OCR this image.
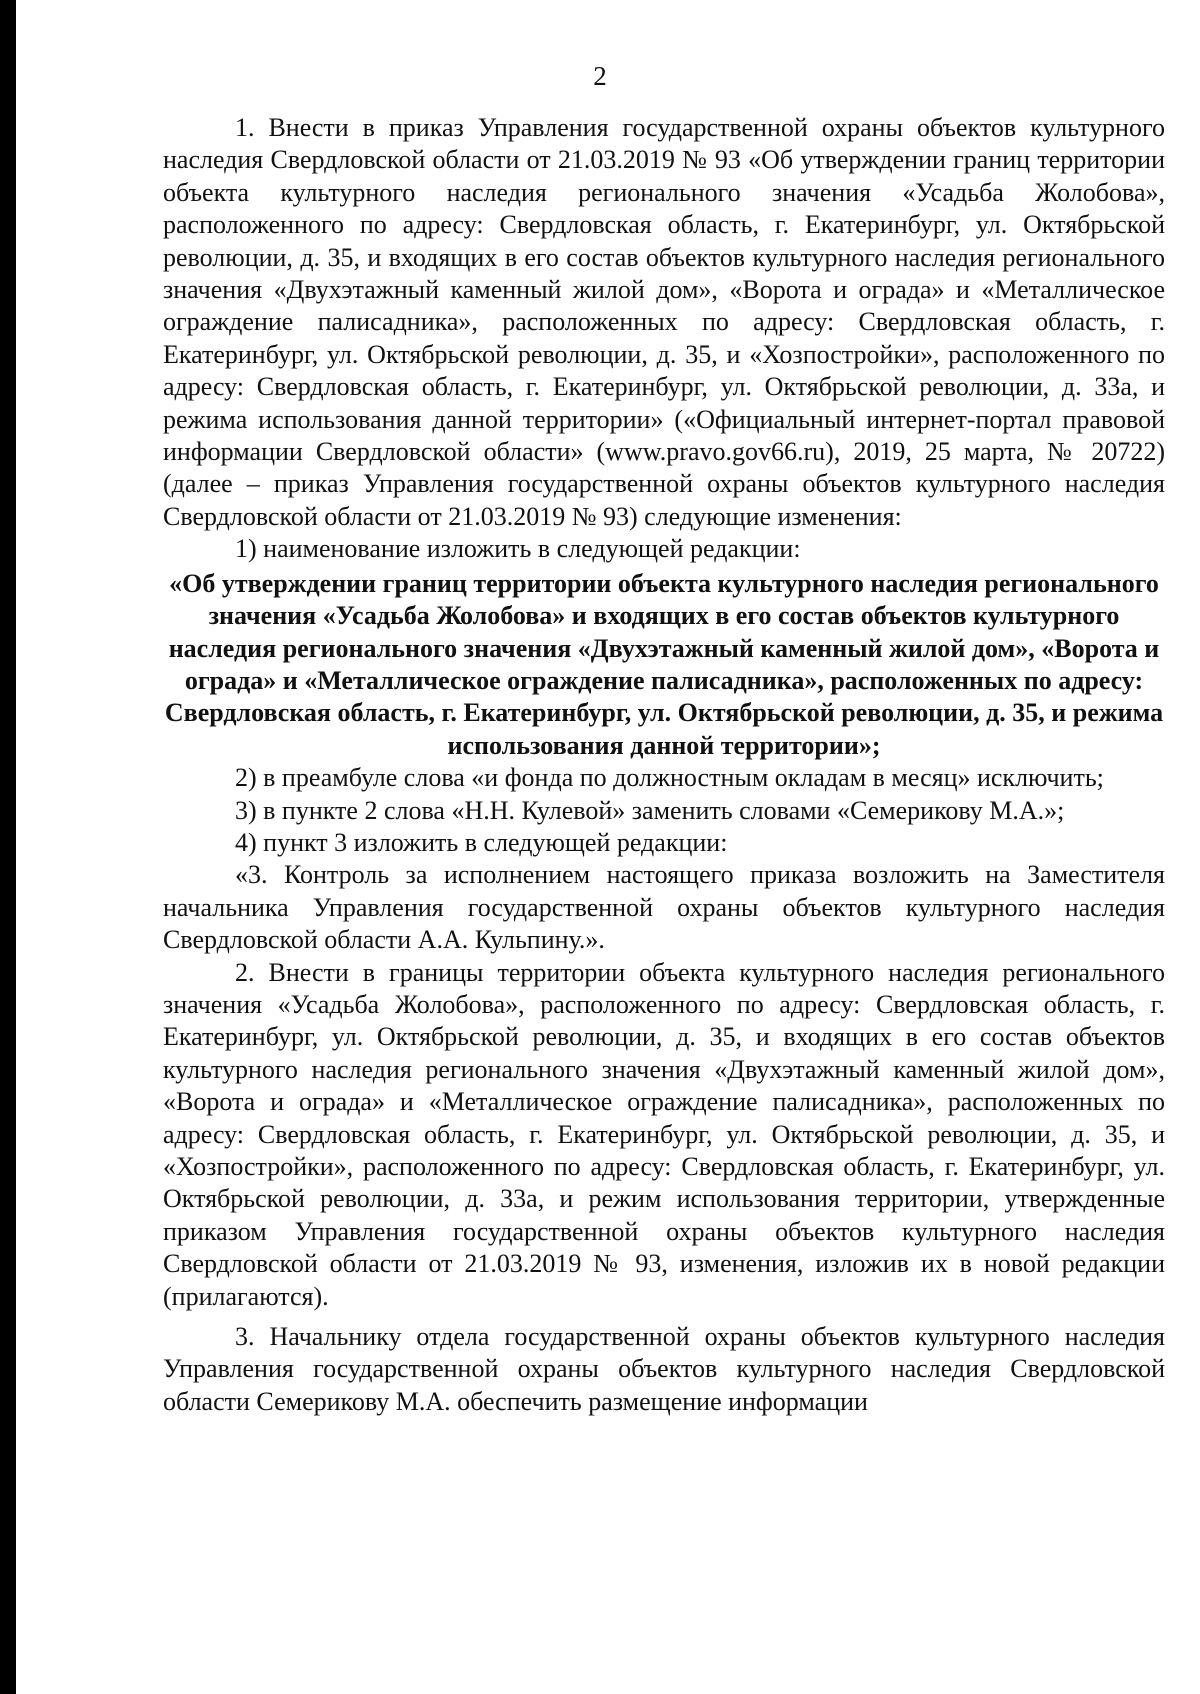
2

1. Внести в приказ Управления государственной охраны объектов культурного наследия Свердловской области от 21.03.2019 № 93 «Об утверждении границ территории объекта культурного наследия регионального значения «Усадьба Жолобова», расположенного по адресу: Свердловская область, г. Екатеринбург, ул. Октябрьской революции, д. 35, и входящих в его состав объектов культурного наследия регионального значения «Двухэтажный каменный жилой дом», «Ворота и ограда» и «Металлическое ограждение палисадника», расположенных по адресу: Свердловская область, г. Екатеринбург, ул. Октябрьской революции, д. 35, и «Хозпостройки», расположенного по адресу: Свердловская область, г. Екатеринбург, ул. Октябрьской революции, д. 33а, и режима использования данной территории» («Официальный интернет-портал правовой информации Свердловской области» (www.pravo.gov66.ru), 2019, 25 марта, № 20722) (далее – приказ Управления государственной охраны объектов культурного наследия Свердловской области от 21.03.2019 № 93) следующие изменения:

1) наименование изложить в следующей редакции:

«Об утверждении границ территории объекта культурного наследия регионального значения «Усадьба Жолобова» и входящих в его состав объектов культурного наследия регионального значения «Двухэтажный каменный жилой дом», «Ворота и ограда» и «Металлическое ограждение палисадника», расположенных по адресу: Свердловская область, г. Екатеринбург, ул. Октябрьской революции, д. 35, и режима использования данной территории»;

2) в преамбуле слова «и фонда по должностным окладам в месяц» исключить;

3) в пункте 2 слова «Н.Н. Кулевой» заменить словами «Семерикову М.А.»;

4) пункт 3 изложить в следующей редакции:

«3. Контроль за исполнением настоящего приказа возложить на Заместителя начальника Управления государственной охраны объектов культурного наследия Свердловской области А.А. Кульпину.».

2. Внести в границы территории объекта культурного наследия регионального значения «Усадьба Жолобова», расположенного по адресу: Свердловская область, г. Екатеринбург, ул. Октябрьской революции, д. 35, и входящих в его состав объектов культурного наследия регионального значения «Двухэтажный каменный жилой дом», «Ворота и ограда» и «Металлическое ограждение палисадника», расположенных по адресу: Свердловская область, г. Екатеринбург, ул. Октябрьской революции, д. 35, и «Хозпостройки», расположенного по адресу: Свердловская область, г. Екатеринбург, ул. Октябрьской революции, д. 33а, и режим использования территории, утвержденные приказом Управления государственной охраны объектов культурного наследия Свердловской области от 21.03.2019 № 93, изменения, изложив их в новой редакции (прилагаются).

3. Начальнику отдела государственной охраны объектов культурного наследия Управления государственной охраны объектов культурного наследия Свердловской области Семерикову М.А. обеспечить размещение информации
